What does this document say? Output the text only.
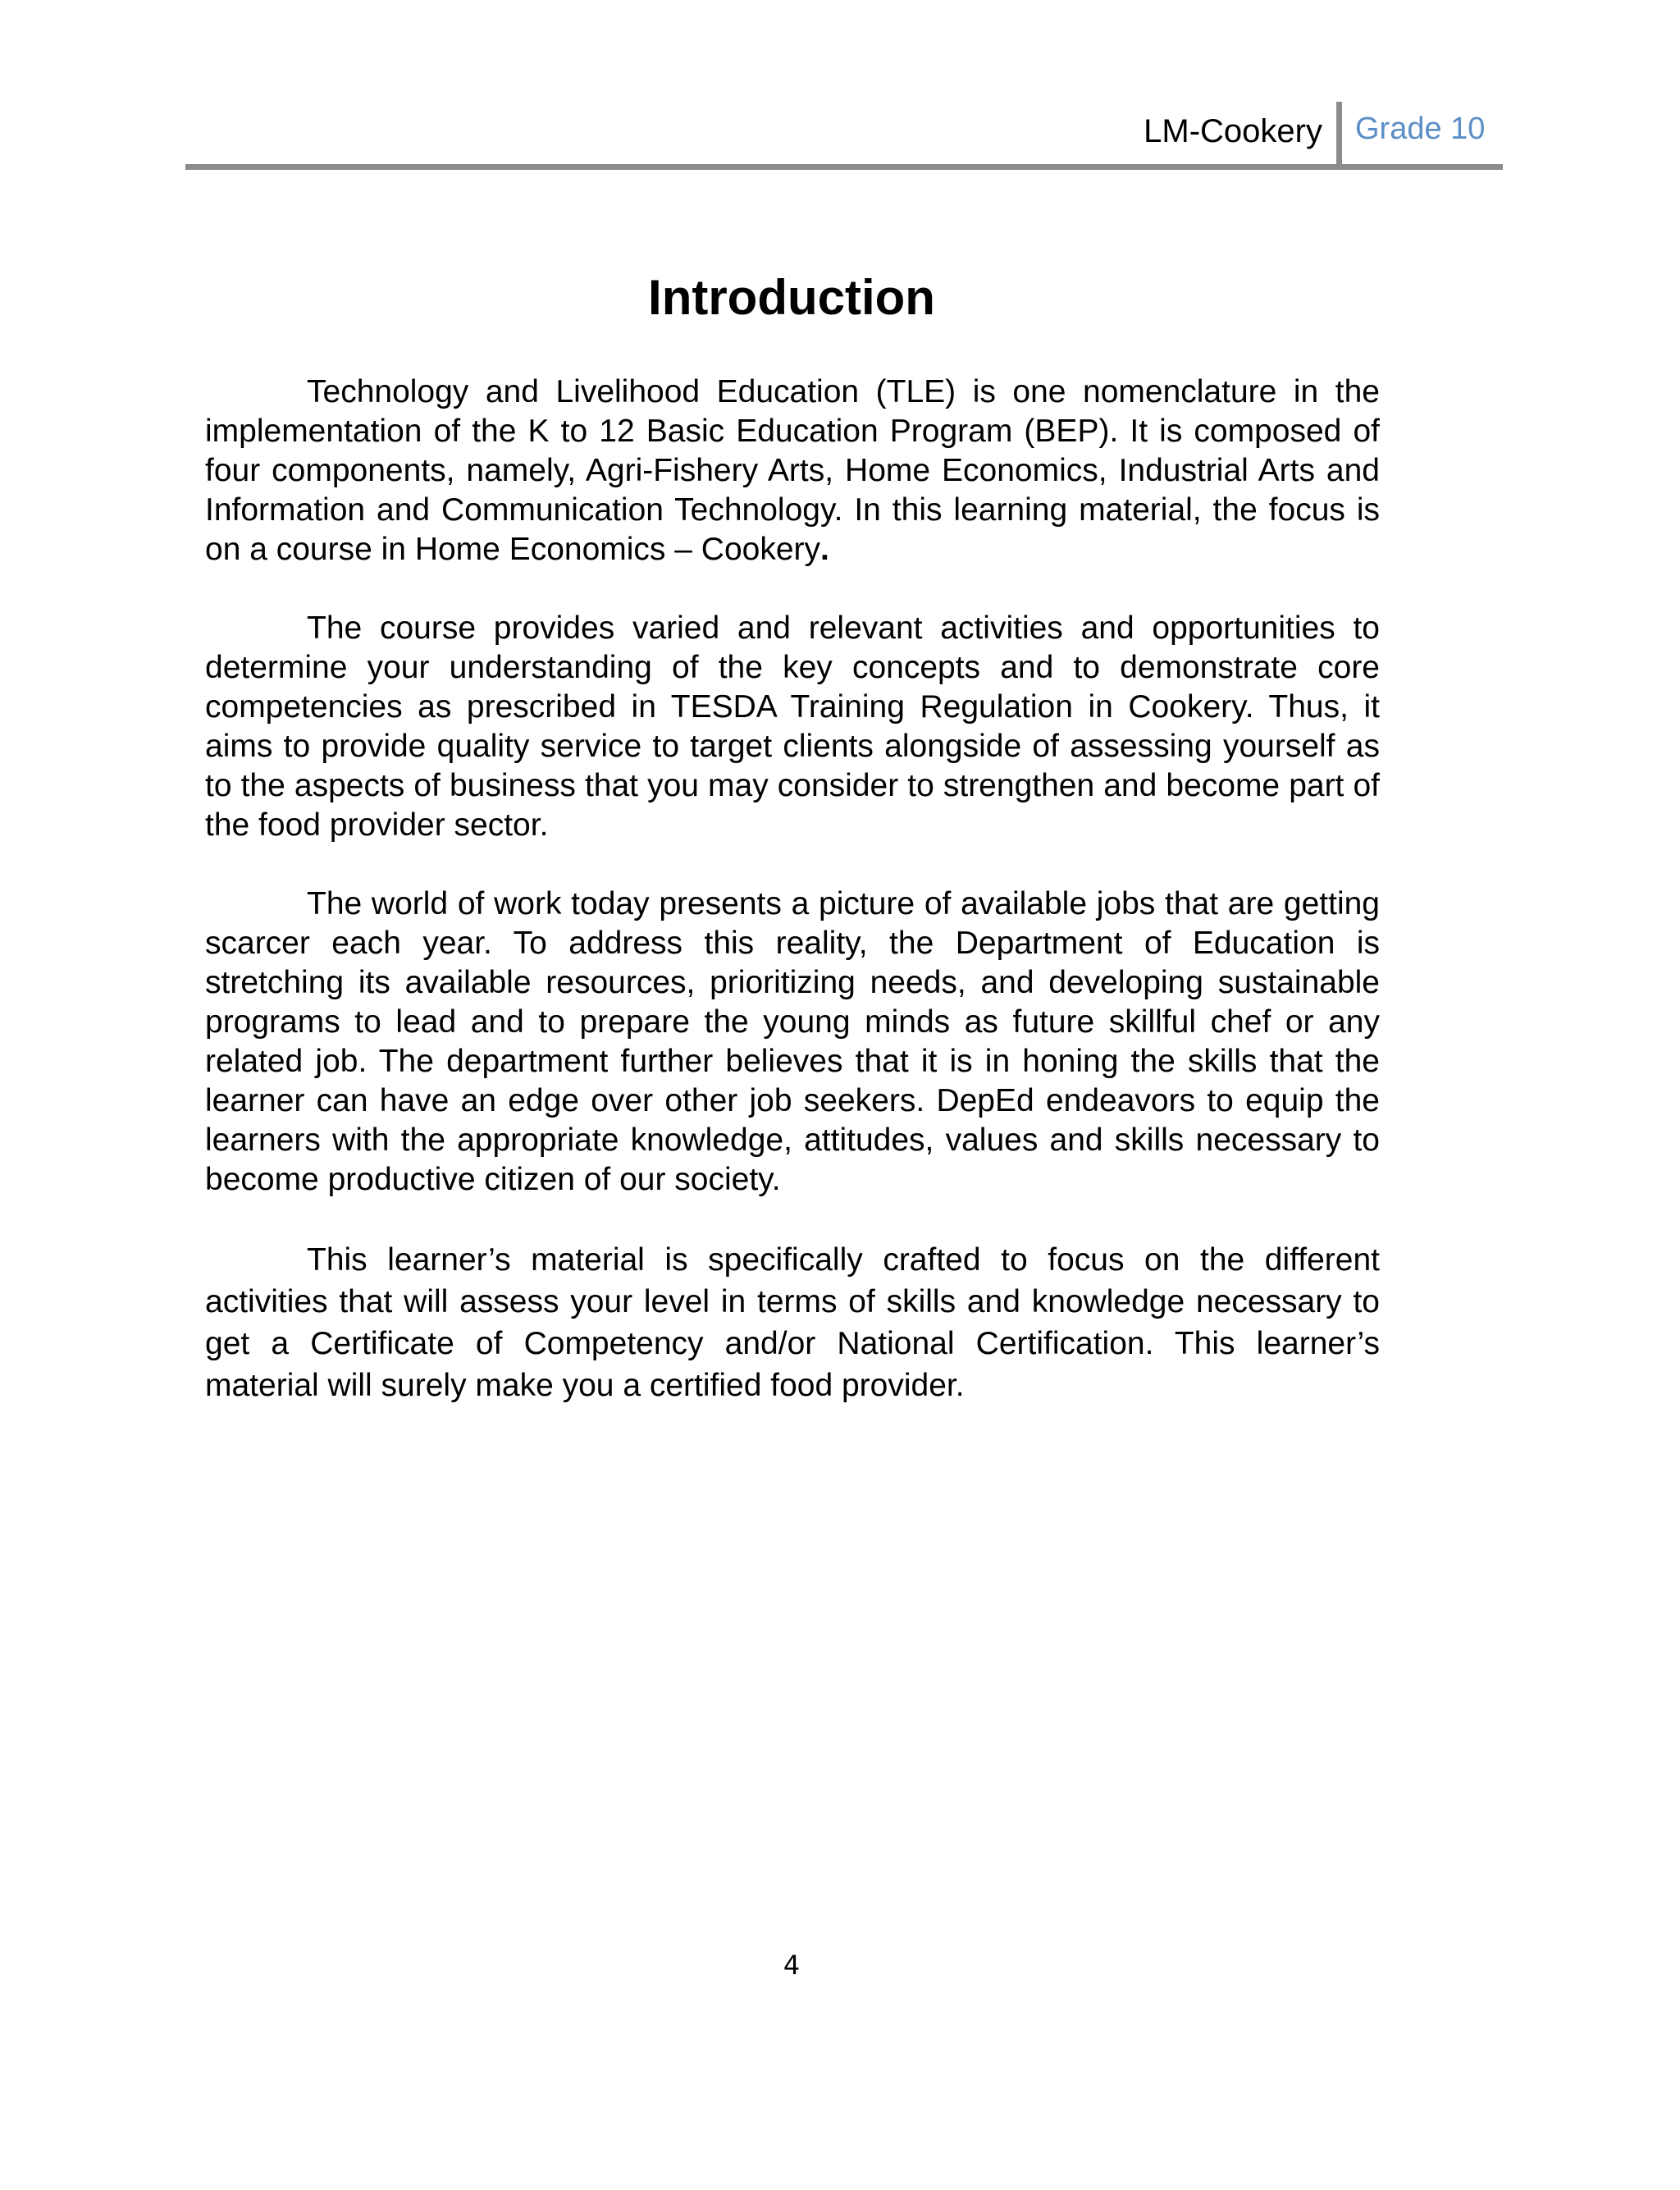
LM-Cookery Grade 10
Introduction

Technology and Livelihood Education (TLE) is one nomenclature in the implementation of the K to 12 Basic Education Program (BEP). It is composed of four components, namely, Agri-Fishery Arts, Home Economics, Industrial Arts and Information and Communication Technology. In this learning material, the focus is on a course in Home Economics – Cookery.

The course provides varied and relevant activities and opportunities to determine your understanding of the key concepts and to demonstrate core competencies as prescribed in TESDA Training Regulation in Cookery. Thus, it aims to provide quality service to target clients alongside of assessing yourself as to the aspects of business that you may consider to strengthen and become part of the food provider sector.

The world of work today presents a picture of available jobs that are getting scarcer each year. To address this reality, the Department of Education is stretching its available resources, prioritizing needs, and developing sustainable programs to lead and to prepare the young minds as future skillful chef or any related job. The department further believes that it is in honing the skills that the learner can have an edge over other job seekers. DepEd endeavors to equip the learners with the appropriate knowledge, attitudes, values and skills necessary to become productive citizen of our society.

This learner’s material is specifically crafted to focus on the different activities that will assess your level in terms of skills and knowledge necessary to get a Certificate of Competency and/or National Certification. This learner’s material will surely make you a certified food provider.

4
